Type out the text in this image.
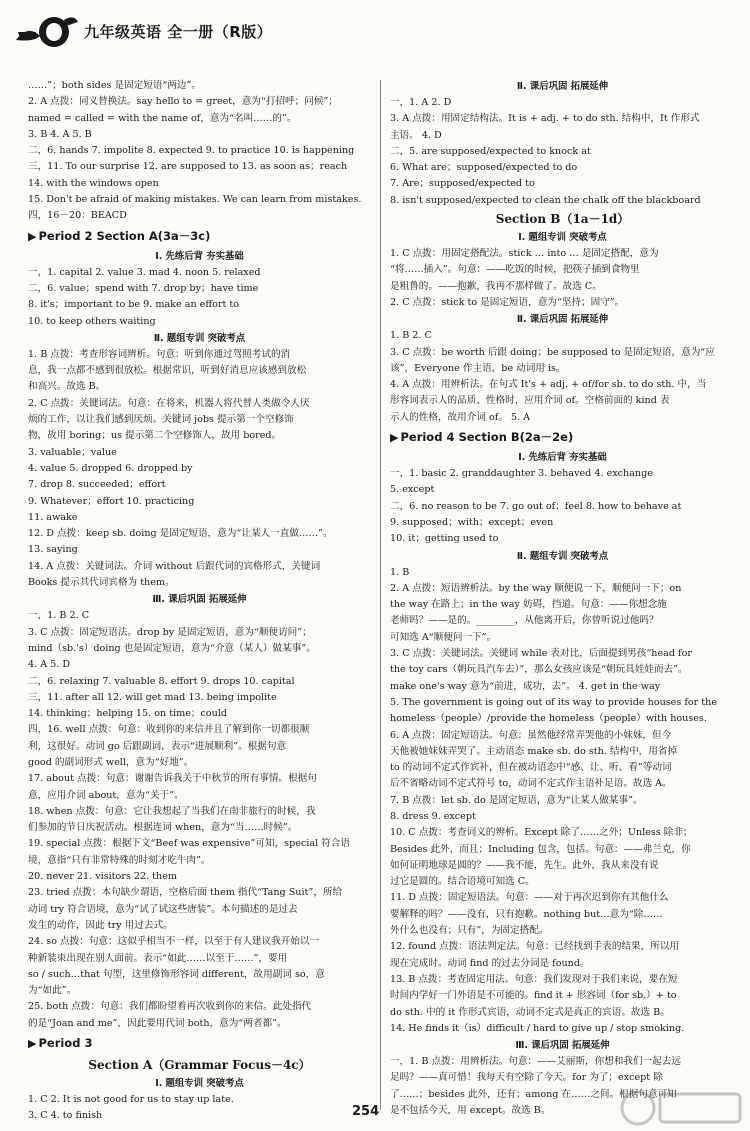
九年级英语 全一册（R版）
……”；both sides 是固定短语“两边”。
2. A 点拨：同义替换法。say hello to = greet，意为“打招呼；问候”；
named = called = with the name of，意为“名叫……的”。
3. B 4. A 5. B
二，6. hands 7. impolite 8. expected 9. to practice 10. is happening
三，11. To our surprise 12. are supposed to 13. as soon as；reach
14. with the windows open
15. Don't be afraid of making mistakes. We can learn from mistakes.
四，16－20：BEACD
▶ Period 2 Section A(3a－3c)
Ⅰ. 先练后背 夯实基础
一，1. capital 2. value 3. mad 4. noon 5. relaxed
二，6. value；spend with 7. drop by；have time
8. it's；important to be 9. make an effort to
10. to keep others waiting
Ⅱ. 题组专训 突破考点
1. B 点拨：考查形容词辨析。句意：听到你通过驾照考试的消
息，我一点都不感到很放松。根据常识，听到好消息应该感到放松
和高兴。故选 B。
2. C 点拨：关键词法。句意：在将来，机器人将代替人类做令人厌
烦的工作，以让我们感到厌烦。关键词 jobs 提示第一个空修饰
物，故用 boring；us 提示第二个空修饰人，故用 bored。
3. valuable；value
4. value 5. dropped 6. dropped by
7. drop 8. succeeded；effort
9. Whatever；effort 10. practicing
11. awake
12. D 点拨：keep sb. doing 是固定短语，意为“让某人一直做……”。
13. saying
14. A 点拨：关键词法。介词 without 后跟代词的宾格形式，关键词
Books 提示其代词宾格为 them。
Ⅲ. 课后巩固 拓展延伸
一，1. B 2. C
3. C 点拨：固定短语法。drop by 是固定短语，意为“顺便访问”；
mind（sb.'s）doing 也是固定短语，意为“介意（某人）做某事”。
4. A 5. D
二，6. relaxing 7. valuable 8. effort 9. drops 10. capital
三，11. after all 12. will get mad 13. being impolite
14. thinking；helping 15. on time；could
四，16. well 点拨：句意：收到你的来信并且了解到你一切都很顺
利，这很好。动词 go 后跟副词，表示“进展顺利”。根据句意
good 的副词形式 well，意为“好地”。
17. about 点拨：句意：谢谢告诉我关于中秋节的所有事情。根据句
意，应用介词 about，意为“关于”。
18. when 点拨：句意：它让我想起了当我们在南非旅行的时候，我
们参加的节日庆祝活动。根据连词 when，意为“当……时候”。
19. special 点拨：根据下文“Beef was expensive”可知，special 符合语
境，意指“只有非常特殊的时刻才吃牛肉”。
20. never 21. visitors 22. them
23. tried 点拨：本句缺少谓语，空格后面 them 指代“Tang Suit”，所给
动词 try 符合语境，意为“试了试这些唐装”。本句描述的是过去
发生的动作，因此 try 用过去式。
24. so 点拨：句意：这似乎相当不一样，以至于有人建议我开始以一
种新装束出现在别人面前。表示“如此……以至于……”，要用
so / such…that 句型，这里修饰形容词 different，故用副词 so，意
为“如此”。
25. both 点拨：句意：我们都盼望着再次收到你的来信。此处指代
的是“Joan and me”，因此要用代词 both，意为“两者都”。
▶ Period 3
Section A（Grammar Focus－4c）
Ⅰ. 题组专训 突破考点
1. C 2. It is not good for us to stay up late.
3. C 4. to finish
Ⅱ. 课后巩固 拓展延伸
一，1. A 2. D
3. A 点拨：用固定结构法。It is + adj. + to do sth. 结构中，It 作形式
主语。 4. D
二，5. are supposed/expected to knock at
6. What are；supposed/expected to do
7. Are；supposed/expected to
8. isn't supposed/expected to clean the chalk off the blackboard
Section B（1a－1d）
Ⅰ. 题组专训 突破考点
1. C 点拨：用固定搭配法。stick … into … 是固定搭配，意为
“将……插入”。句意：——吃饭的时候，把筷子插到食物里
是粗鲁的。——抱歉，我再不那样做了。故选 C。
2. C 点拨：stick to 是固定短语，意为“坚持；固守”。
Ⅱ. 课后巩固 拓展延伸
1. B 2. C
3. C 点拨：be worth 后跟 doing；be supposed to 是固定短语，意为“应
该”，Everyone 作主语，be 动词用 is。
4. A 点拨：用辨析法。在句式 It's + adj. + of/for sb. to do sth. 中，当
形容词表示人的品质、性格时，应用介词 of。空格前面的 kind 表
示人的性格，故用介词 of。 5. A
▶ Period 4 Section B(2a－2e)
Ⅰ. 先练后背 夯实基础
一，1. basic 2. granddaughter 3. behaved 4. exchange
5. except
二，6. no reason to be 7. go out of；feel 8. how to behave at
9. supposed；with；except；even
10. it；getting used to
Ⅱ. 题组专训 突破考点
1. B
2. A 点拨：短语辨析法。by the way 顺便说一下，顺便问一下；on
the way 在路上；in the way 妨碍，挡道。句意：——你想念施
老师吗？——是的。________，从他离开后，你曾听说过他吗？
可知选 A“顺便问一下”。
3. C 点拨：关键词法。关键词 while 表对比，后面提到男孩“head for
the toy cars（朝玩具汽车去）”，那么女孩应该是“朝玩具娃娃而去”。
make one's way 意为“前进，成功，去”。 4. get in the way
5. The government is going out of its way to provide houses for the
homeless（people）/provide the homeless（people）with houses.
6. A 点拨：固定短语法。句意：虽然他经常弄哭他的小妹妹，但今
天他被她妹妹弄哭了。主动语态 make sb. do sth. 结构中，用省掉
to 的动词不定式作宾补，但在被动语态中“感、让、听、看”等动词
后不省略动词不定式符号 to，动词不定式作主语补足语。故选 A。
7. B 点拨：let sb. do 是固定短语，意为“让某人做某事”。
8. dress 9. except
10. C 点拨：考查词义的辨析。Except 除了……之外；Unless 除非；
Besides 此外，而且；Including 包含，包括。句意：——弗兰克，你
如何证明地球是圆的？——我不能，先生。此外，我从来没有说
过它是圆的。结合语境可知选 C。
11. D 点拨：固定短语法。句意：——对于再次迟到你有其他什么
要解释的吗？——没有，只有抱歉。nothing but…意为“除……
外什么也没有；只有”，为固定搭配。
12. found 点拨：语法判定法。句意：已经找到手表的结果，所以用
现在完成时。动词 find 的过去分词是 found。
13. B 点拨：考查固定用法。句意：我们发现对于我们来说，要在短
时间内学好一门外语是不可能的。find it + 形容词（for sb.）+ to
do sth. 中的 it 作形式宾语，动词不定式是真正的宾语。故选 B。
14. He finds it（is）difficult / hard to give up / stop smoking.
Ⅲ. 课后巩固 拓展延伸
一，1. B 点拨：用辨析法。句意：——艾丽斯，你想和我们一起去远
足吗？——真可惜！我每天有空除了今天。for 为了；except 除
了……；besides 此外，还有；among 在……之间。根据句意可知
是不包括今天，用 except。故选 B。
254
